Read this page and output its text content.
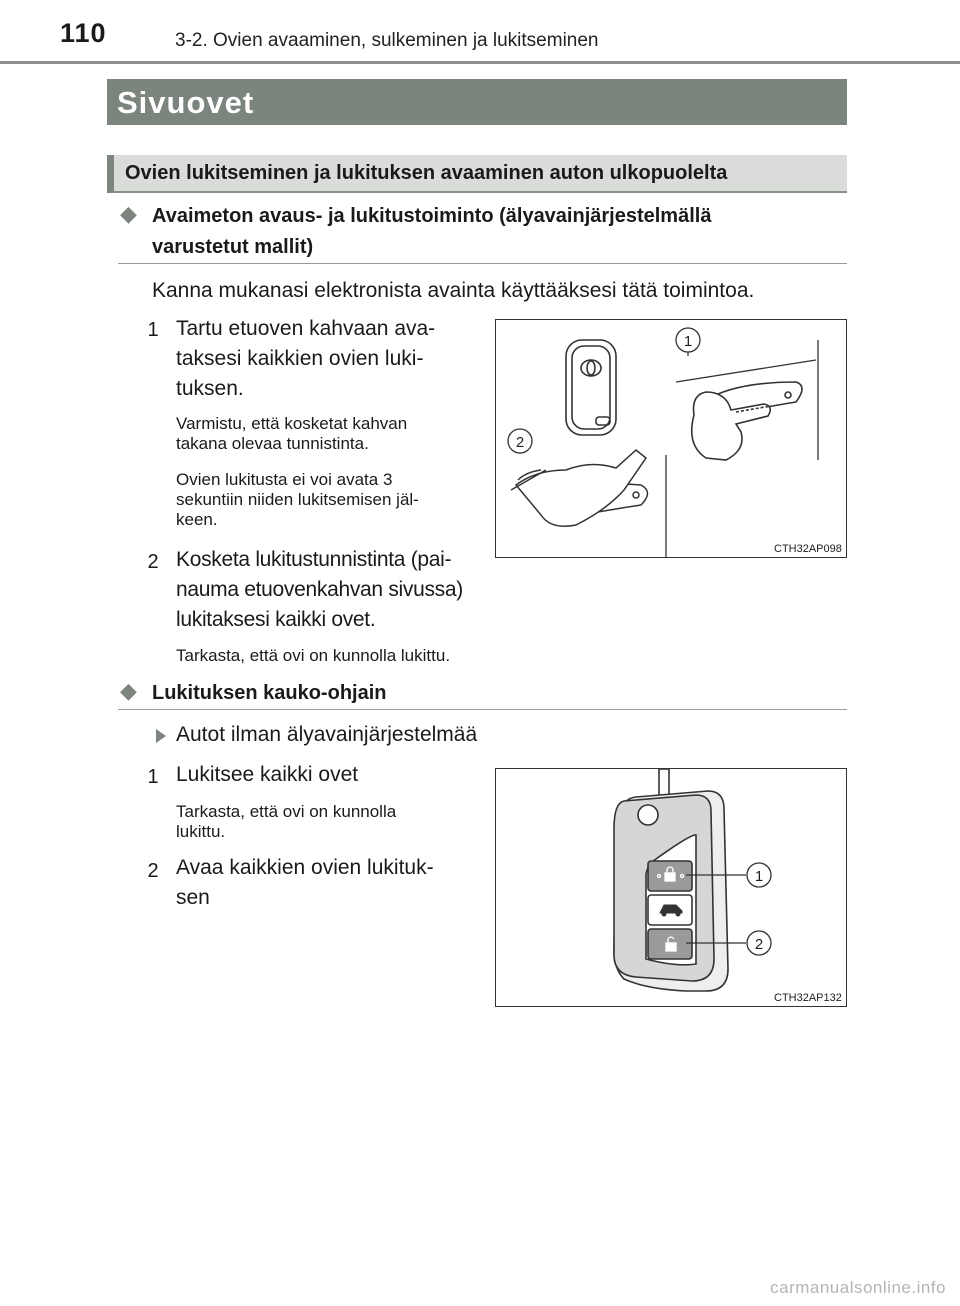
110	3-2. Ovien avaaminen, sulkeminen ja lukitseminen
Sivuovet
Ovien lukitseminen ja lukituksen avaaminen auton ulkopuolelta
◆ Avaimeton avaus- ja lukitustoiminto (älyavainjärjestelmällä
varustetut mallit)
Kanna mukanasi elektronista avainta käyttääksesi tätä toimintoa.
1 Tartu etuoven kahvaan ava-
taksesi kaikkien ovien luki-
tuksen.
Varmistu, että kosketat kahvan
takana olevaa tunnistinta.
Ovien lukitusta ei voi avata 3
sekuntiin niiden lukitsemisen jäl-
keen.
2 Kosketa lukitustunnistinta (pai-
nauma etuovenkahvan sivussa)
lukitaksesi kaikki ovet.
Tarkasta, että ovi on kunnolla lukittu.
1
2
CTH32AP098
◆ Lukituksen kauko-ohjain
Autot ilman älyavainjärjestelmää
1 Lukitsee kaikki ovet
Tarkasta, että ovi on kunnolla
lukittu.
2 Avaa kaikkien ovien lukituk-
sen
1
2
CTH32AP132
carmanualsonline.info
